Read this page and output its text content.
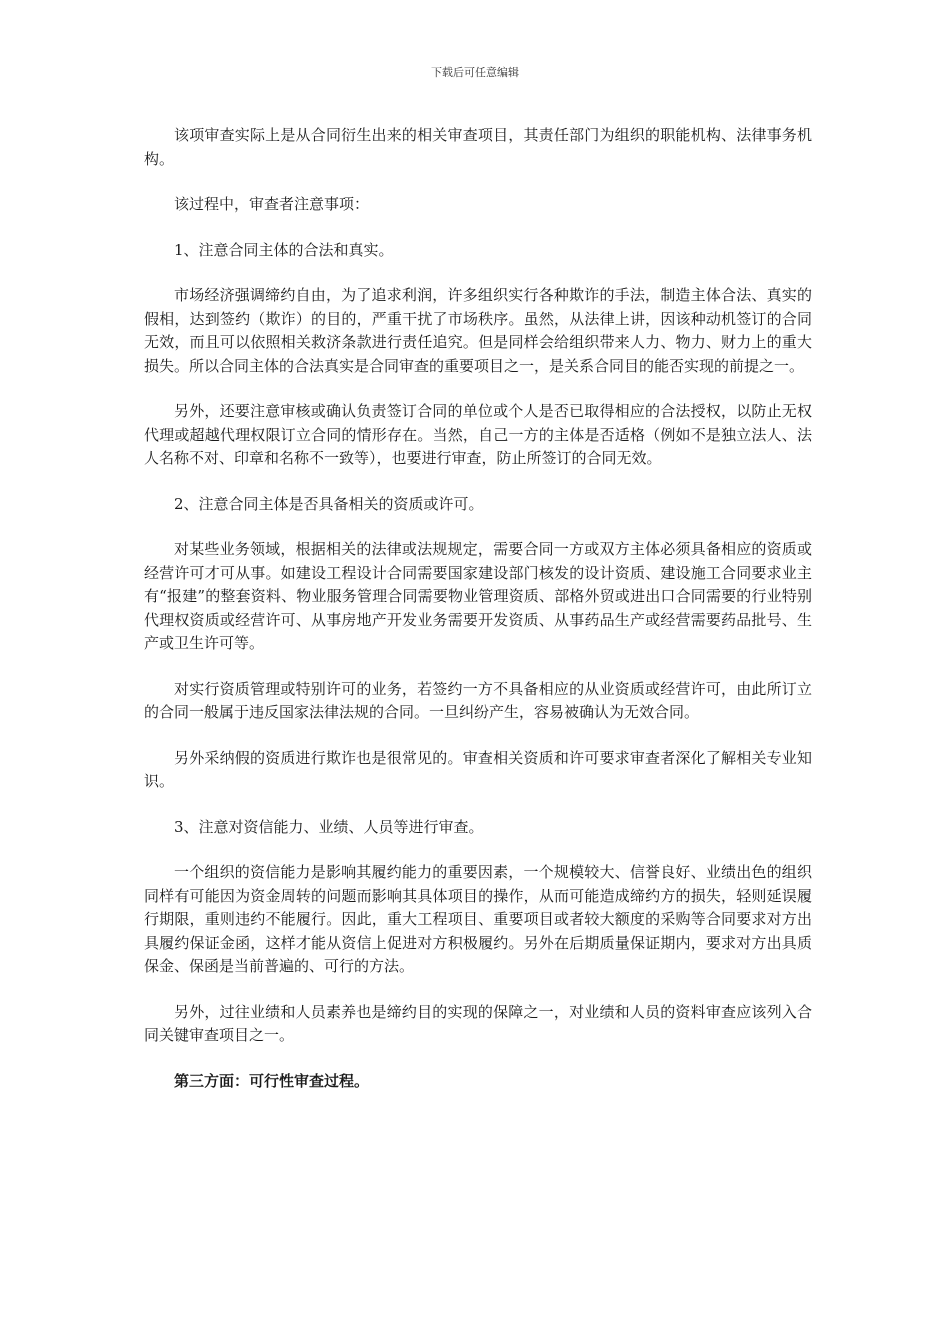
下载后可任意编辑

该项审查实际上是从合同衍生出来的相关审查项目，其责任部门为组织的职能机构、法律事务机构。

该过程中，审查者注意事项：

1、注意合同主体的合法和真实。

市场经济强调缔约自由，为了追求利润，许多组织实行各种欺诈的手法，制造主体合法、真实的假相，达到签约（欺诈）的目的，严重干扰了市场秩序。虽然，从法律上讲，因该种动机签订的合同无效，而且可以依照相关救济条款进行责任追究。但是同样会给组织带来人力、物力、财力上的重大损失。所以合同主体的合法真实是合同审查的重要项目之一，是关系合同目的能否实现的前提之一。

另外，还要注意审核或确认负责签订合同的单位或个人是否已取得相应的合法授权，以防止无权代理或超越代理权限订立合同的情形存在。当然，自己一方的主体是否适格（例如不是独立法人、法人名称不对、印章和名称不一致等），也要进行审查，防止所签订的合同无效。

2、注意合同主体是否具备相关的资质或许可。

对某些业务领域，根据相关的法律或法规规定，需要合同一方或双方主体必须具备相应的资质或经营许可才可从事。如建设工程设计合同需要国家建设部门核发的设计资质、建设施工合同要求业主有“报建”的整套资料、物业服务管理合同需要物业管理资质、部格外贸或进出口合同需要的行业特别代理权资质或经营许可、从事房地产开发业务需要开发资质、从事药品生产或经营需要药品批号、生产或卫生许可等。

对实行资质管理或特别许可的业务，若签约一方不具备相应的从业资质或经营许可，由此所订立的合同一般属于违反国家法律法规的合同。一旦纠纷产生，容易被确认为无效合同。

另外采纳假的资质进行欺诈也是很常见的。审查相关资质和许可要求审查者深化了解相关专业知识。

3、注意对资信能力、业绩、人员等进行审查。

一个组织的资信能力是影响其履约能力的重要因素，一个规模较大、信誉良好、业绩出色的组织同样有可能因为资金周转的问题而影响其具体项目的操作，从而可能造成缔约方的损失，轻则延误履行期限，重则违约不能履行。因此，重大工程项目、重要项目或者较大额度的采购等合同要求对方出具履约保证金函，这样才能从资信上促进对方积极履约。另外在后期质量保证期内，要求对方出具质保金、保函是当前普遍的、可行的方法。

另外，过往业绩和人员素养也是缔约目的实现的保障之一，对业绩和人员的资料审查应该列入合同关键审查项目之一。

第三方面：可行性审查过程。
